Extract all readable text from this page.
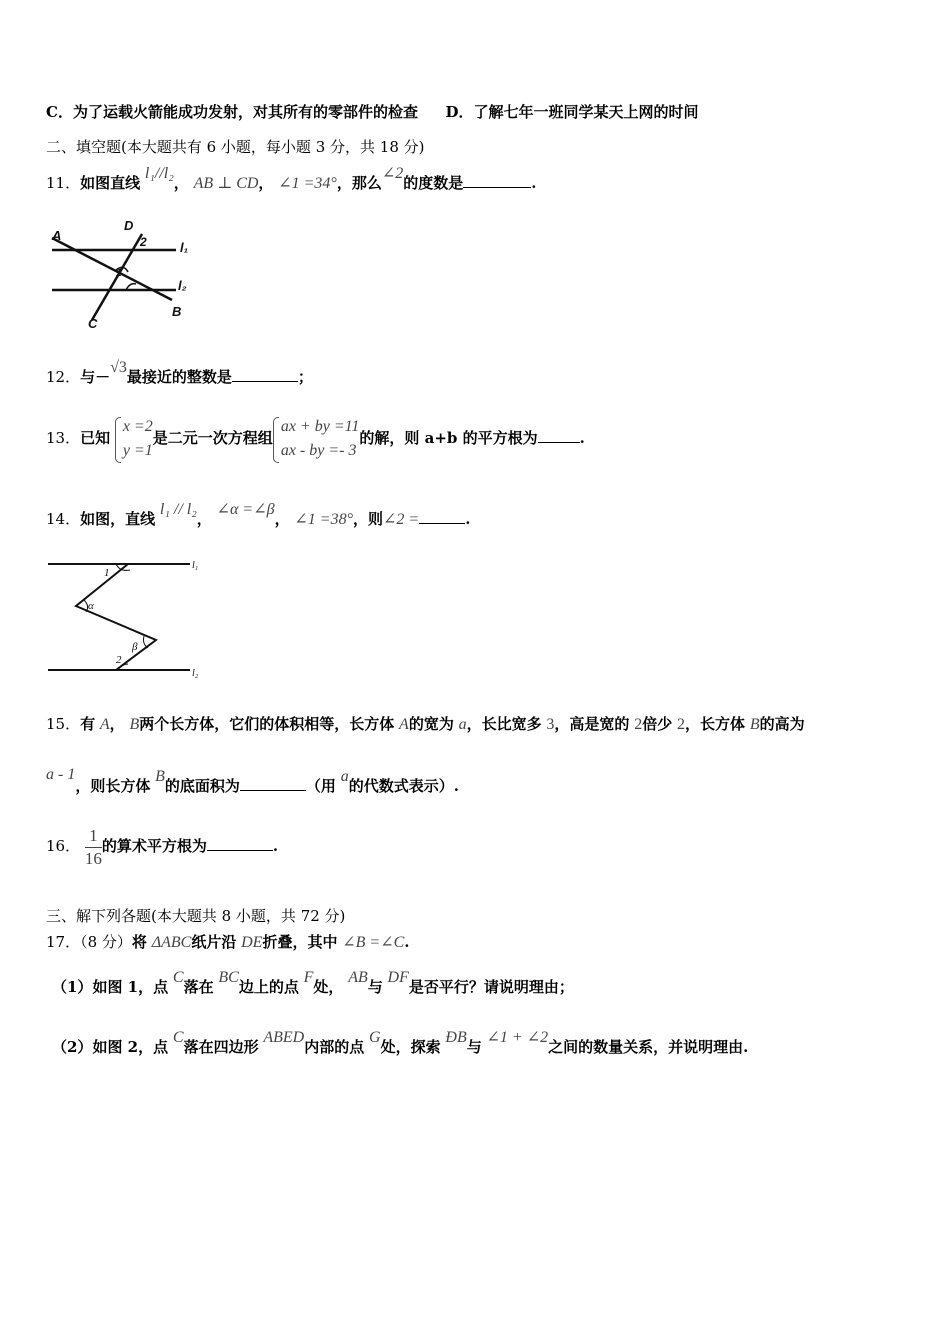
C．为了运载火箭能成功发射，对其所有的零部件的检查 D．了解七年一班同学某天上网的时间
二、填空题(本大题共有 6 小题，每小题 3 分，共 18 分)
11．如图直线 l₁//l₂， AB ⊥ CD， ∠1 =34°，那么∠2的度数是	.
A
D
2	l₁
1
l₂
C
B
12．与－√3最接近的整数是	；
13．已知
x =2
y =1
是二元一次方程组
ax + by =11
ax - by =- 3
的解，则 a+b 的平方根为	.
14．如图，直线 l₁ // l₂， ∠α =∠β， ∠1 =38°，则∠2 =	.
1
α
β
2
l₁
l₂
15．有 A， B两个长方体，它们的体积相等，长方体 A的宽为 a，长比宽多 3，高是宽的 2倍少 2，长方体 B的高为
a - 1，则长方体 B的底面积为	（用 a的代数式表示）.
16． $\frac{1}{16}$ 的算术平方根为	.
三、解下列各题(本大题共 8 小题，共 72 分)
17．（8 分）将 ΔABC纸片沿 DE折叠，其中 ∠B =∠C.
（1）如图 1，点 C落在 BC边上的点 F处， AB与 DF是否平行？请说明理由；
（2）如图 2，点 C落在四边形 ABED内部的点 G处，探索 ÐB与 ∠1 + ∠2之间的数量关系，并说明理由.
